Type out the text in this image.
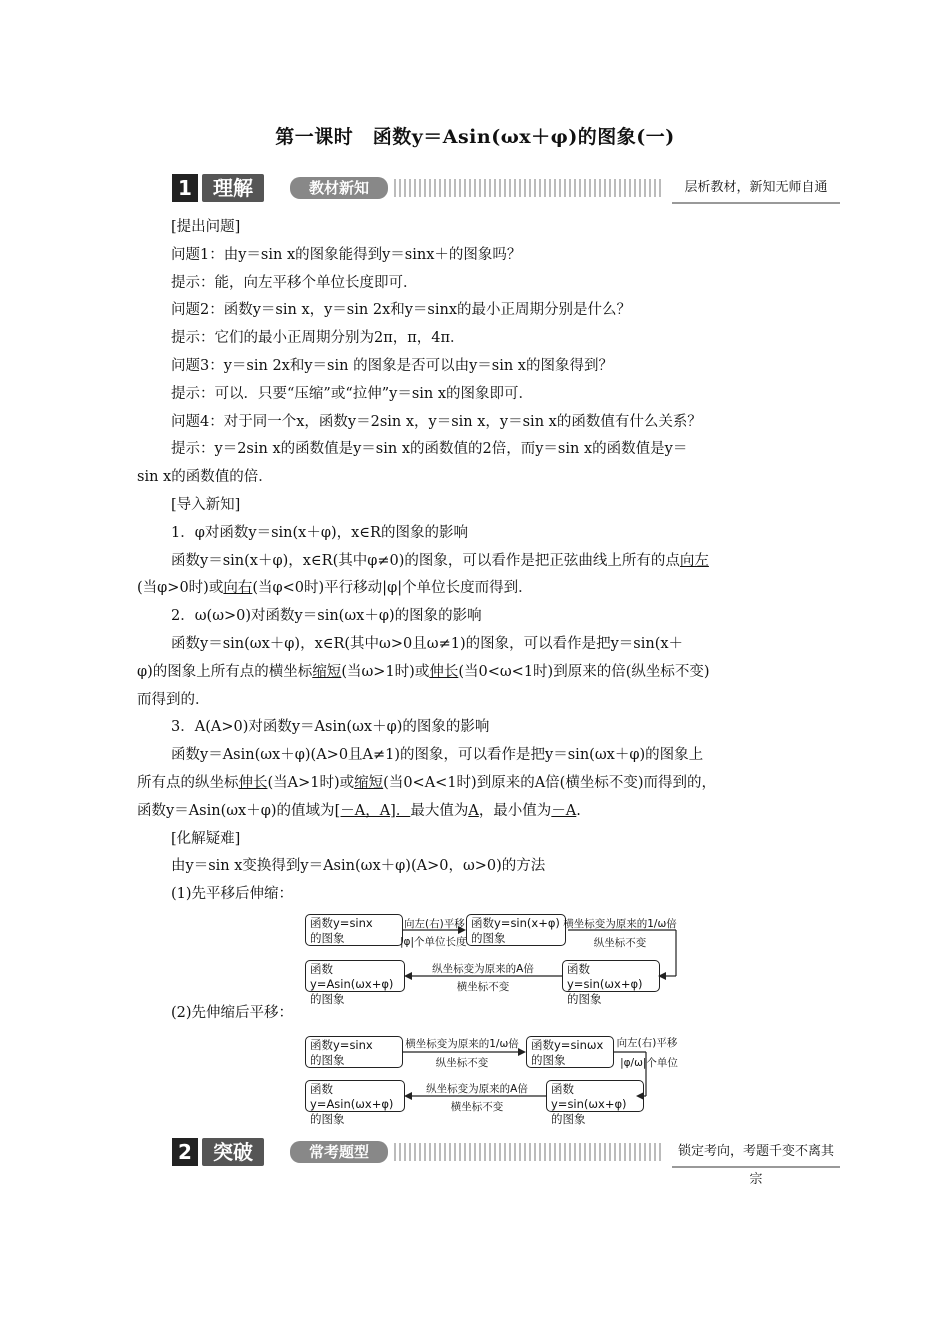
第一课时　函数y＝Asin(ωx＋φ)的图象(一)
1	理解	教材新知	层析教材，新知无师自通
[提出问题]
问题1：由y＝sin x的图象能得到y＝sinx＋的图象吗？
提示：能，向左平移个单位长度即可．
问题2：函数y＝sin x，y＝sin 2x和y＝sinx的最小正周期分别是什么？
提示：它们的最小正周期分别为2π，π，4π．
问题3：y＝sin 2x和y＝sin 的图象是否可以由y＝sin x的图象得到？
提示：可以．只要“压缩”或“拉伸”y＝sin x的图象即可．
问题4：对于同一个x，函数y＝2sin x，y＝sin x，y＝sin x的函数值有什么关系？
提示：y＝2sin x的函数值是y＝sin x的函数值的2倍，而y＝sin x的函数值是y＝
sin x的函数值的倍．
[导入新知]
1．φ对函数y＝sin(x＋φ)，x∈R的图象的影响
函数y＝sin(x＋φ)，x∈R(其中φ≠0)的图象，可以看作是把正弦曲线上所有的点向左
(当φ>0时)或向右(当φ<0时)平行移动|φ|个单位长度而得到．
2．ω(ω>0)对函数y＝sin(ωx＋φ)的图象的影响
函数y＝sin(ωx＋φ)，x∈R(其中ω>0且ω≠1)的图象，可以看作是把y＝sin(x＋
φ)的图象上所有点的横坐标缩短(当ω>1时)或伸长(当0<ω<1时)到原来的倍(纵坐标不变)
而得到的．
3．A(A>0)对函数y＝Asin(ωx＋φ)的图象的影响
函数y＝Asin(ωx＋φ)(A>0且A≠1)的图象，可以看作是把y＝sin(ωx＋φ)的图象上
所有点的纵坐标伸长(当A>1时)或缩短(当0<A<1时)到原来的A倍(横坐标不变)而得到的，
函数y＝Asin(ωx＋φ)的值域为[－A，A]．最大值为A，最小值为－A.
[化解疑难]
由y＝sin x变换得到y＝Asin(ωx＋φ)(A>0，ω>0)的方法
(1)先平移后伸缩：
函数y=sinx
的图象
函数y=sin(x+φ)
的图象
函数y=sin(ωx+φ)
的图象
函数y=Asin(ωx+φ)
的图象
向左(右)平移
|φ|个单位长度
横坐标变为原来的1/ω倍
纵坐标不变
纵坐标变为原来的A倍
横坐标不变
(2)先伸缩后平移：
函数y=sinx
的图象
函数y=sinωx
的图象
函数y=sin(ωx+φ)
的图象
函数y=Asin(ωx+φ)
的图象
横坐标变为原来的1/ω倍
纵坐标不变
向左(右)平移
|φ/ω|个单位
纵坐标变为原来的A倍
横坐标不变
2	突破	常考题型	锁定考向，考题千变不离其宗
